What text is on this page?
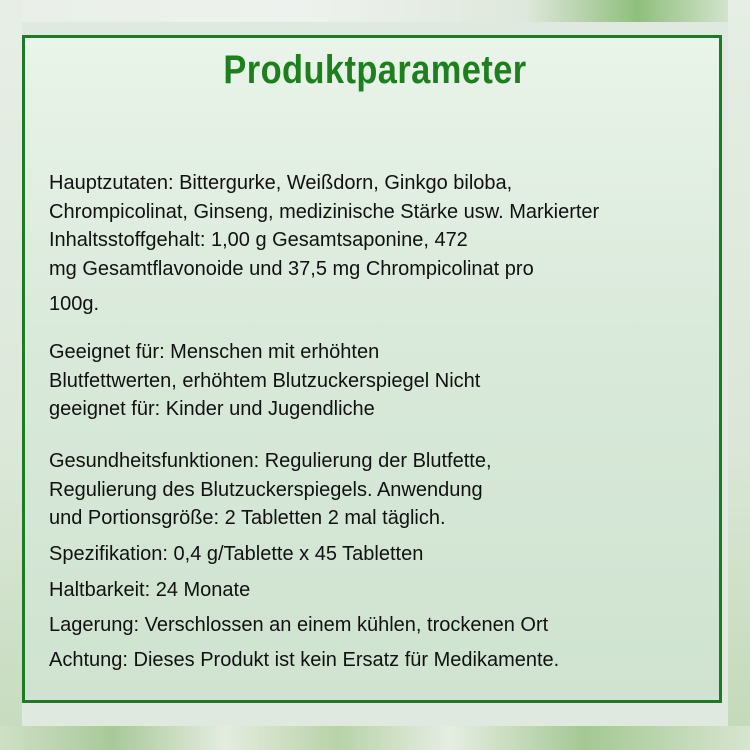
Produktparameter
Hauptzutaten: Bittergurke, Weißdorn, Ginkgo biloba,
Chrompicolinat, Ginseng, medizinische Stärke usw. Markierter
Inhaltsstoffgehalt: 1,00 g Gesamtsaponine, 472
mg Gesamtflavonoide und 37,5 mg Chrompicolinat pro
100g.
Geeignet für: Menschen mit erhöhten
Blutfettwerten, erhöhtem Blutzuckerspiegel Nicht
geeignet für: Kinder und Jugendliche
Gesundheitsfunktionen: Regulierung der Blutfette,
Regulierung des Blutzuckerspiegels. Anwendung
und Portionsgröße: 2 Tabletten 2 mal täglich.
Spezifikation: 0,4 g/Tablette x 45 Tabletten
Haltbarkeit: 24 Monate
Lagerung: Verschlossen an einem kühlen, trockenen Ort
Achtung: Dieses Produkt ist kein Ersatz für Medikamente.
